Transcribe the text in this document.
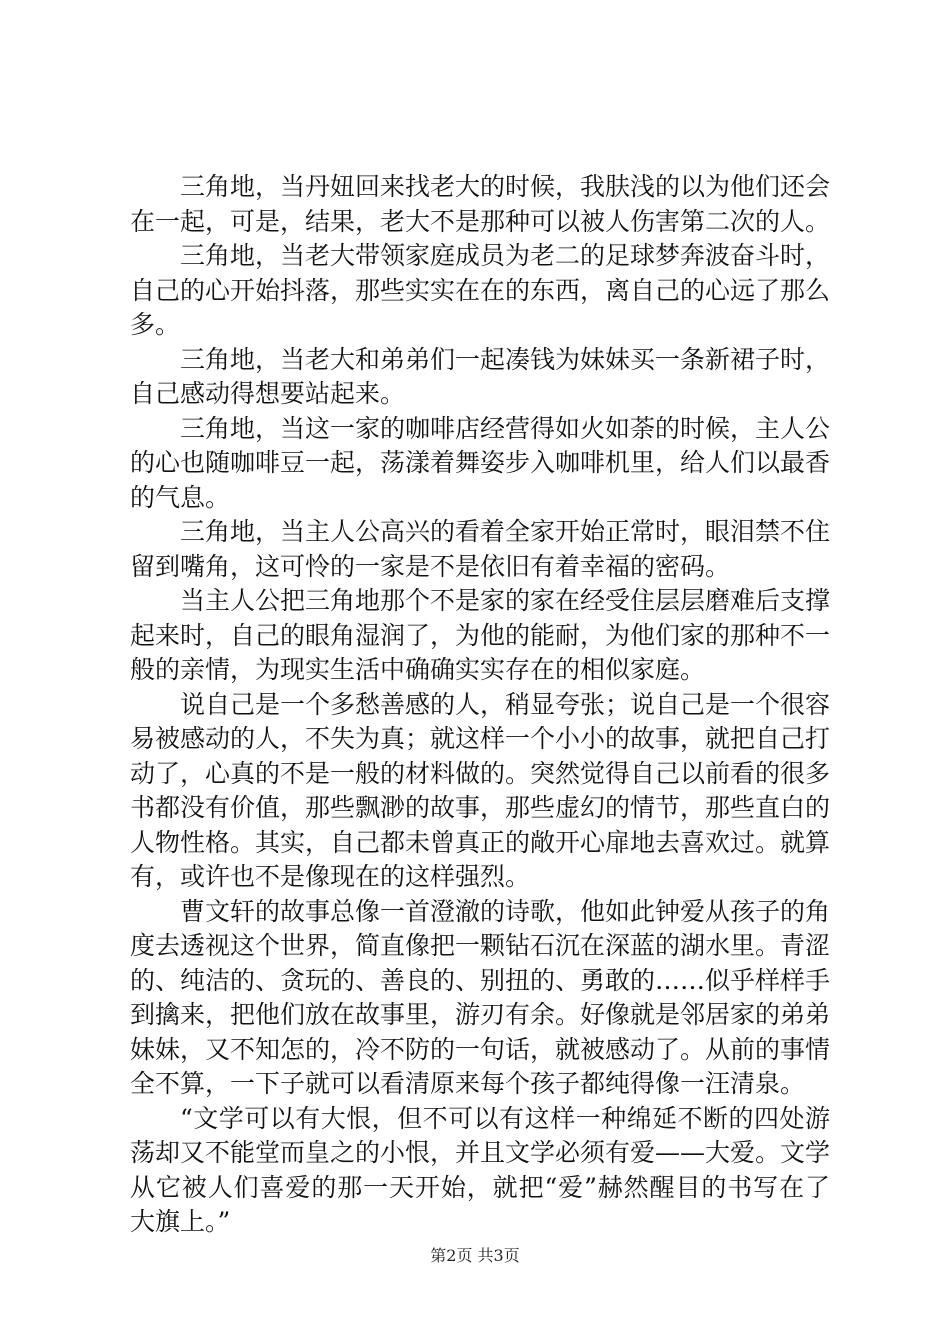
三角地，当丹妞回来找老大的时候，我肤浅的以为他们还会在一起，可是，结果，老大不是那种可以被人伤害第二次的人。

三角地，当老大带领家庭成员为老二的足球梦奔波奋斗时，自己的心开始抖落，那些实实在在的东西，离自己的心远了那么多。

三角地，当老大和弟弟们一起凑钱为妹妹买一条新裙子时，自己感动得想要站起来。

三角地，当这一家的咖啡店经营得如火如荼的时候，主人公的心也随咖啡豆一起，荡漾着舞姿步入咖啡机里，给人们以最香的气息。

三角地，当主人公高兴的看着全家开始正常时，眼泪禁不住留到嘴角，这可怜的一家是不是依旧有着幸福的密码。

当主人公把三角地那个不是家的家在经受住层层磨难后支撑起来时，自己的眼角湿润了，为他的能耐，为他们家的那种不一般的亲情，为现实生活中确确实实存在的相似家庭。

说自己是一个多愁善感的人，稍显夸张；说自己是一个很容易被感动的人，不失为真；就这样一个小小的故事，就把自己打动了，心真的不是一般的材料做的。突然觉得自己以前看的很多书都没有价值，那些飘渺的故事，那些虚幻的情节，那些直白的人物性格。其实，自己都未曾真正的敞开心扉地去喜欢过。就算有，或许也不是像现在的这样强烈。

曹文轩的故事总像一首澄澈的诗歌，他如此钟爱从孩子的角度去透视这个世界，简直像把一颗钻石沉在深蓝的湖水里。青涩的、纯洁的、贪玩的、善良的、别扭的、勇敢的……似乎样样手到擒来，把他们放在故事里，游刃有余。好像就是邻居家的弟弟妹妹，又不知怎的，冷不防的一句话，就被感动了。从前的事情全不算，一下子就可以看清原来每个孩子都纯得像一汪清泉。

“文学可以有大恨，但不可以有这样一种绵延不断的四处游荡却又不能堂而皇之的小恨，并且文学必须有爱——大爱。文学从它被人们喜爱的那一天开始，就把“爱”赫然醒目的书写在了大旗上。”

第2页 共3页
